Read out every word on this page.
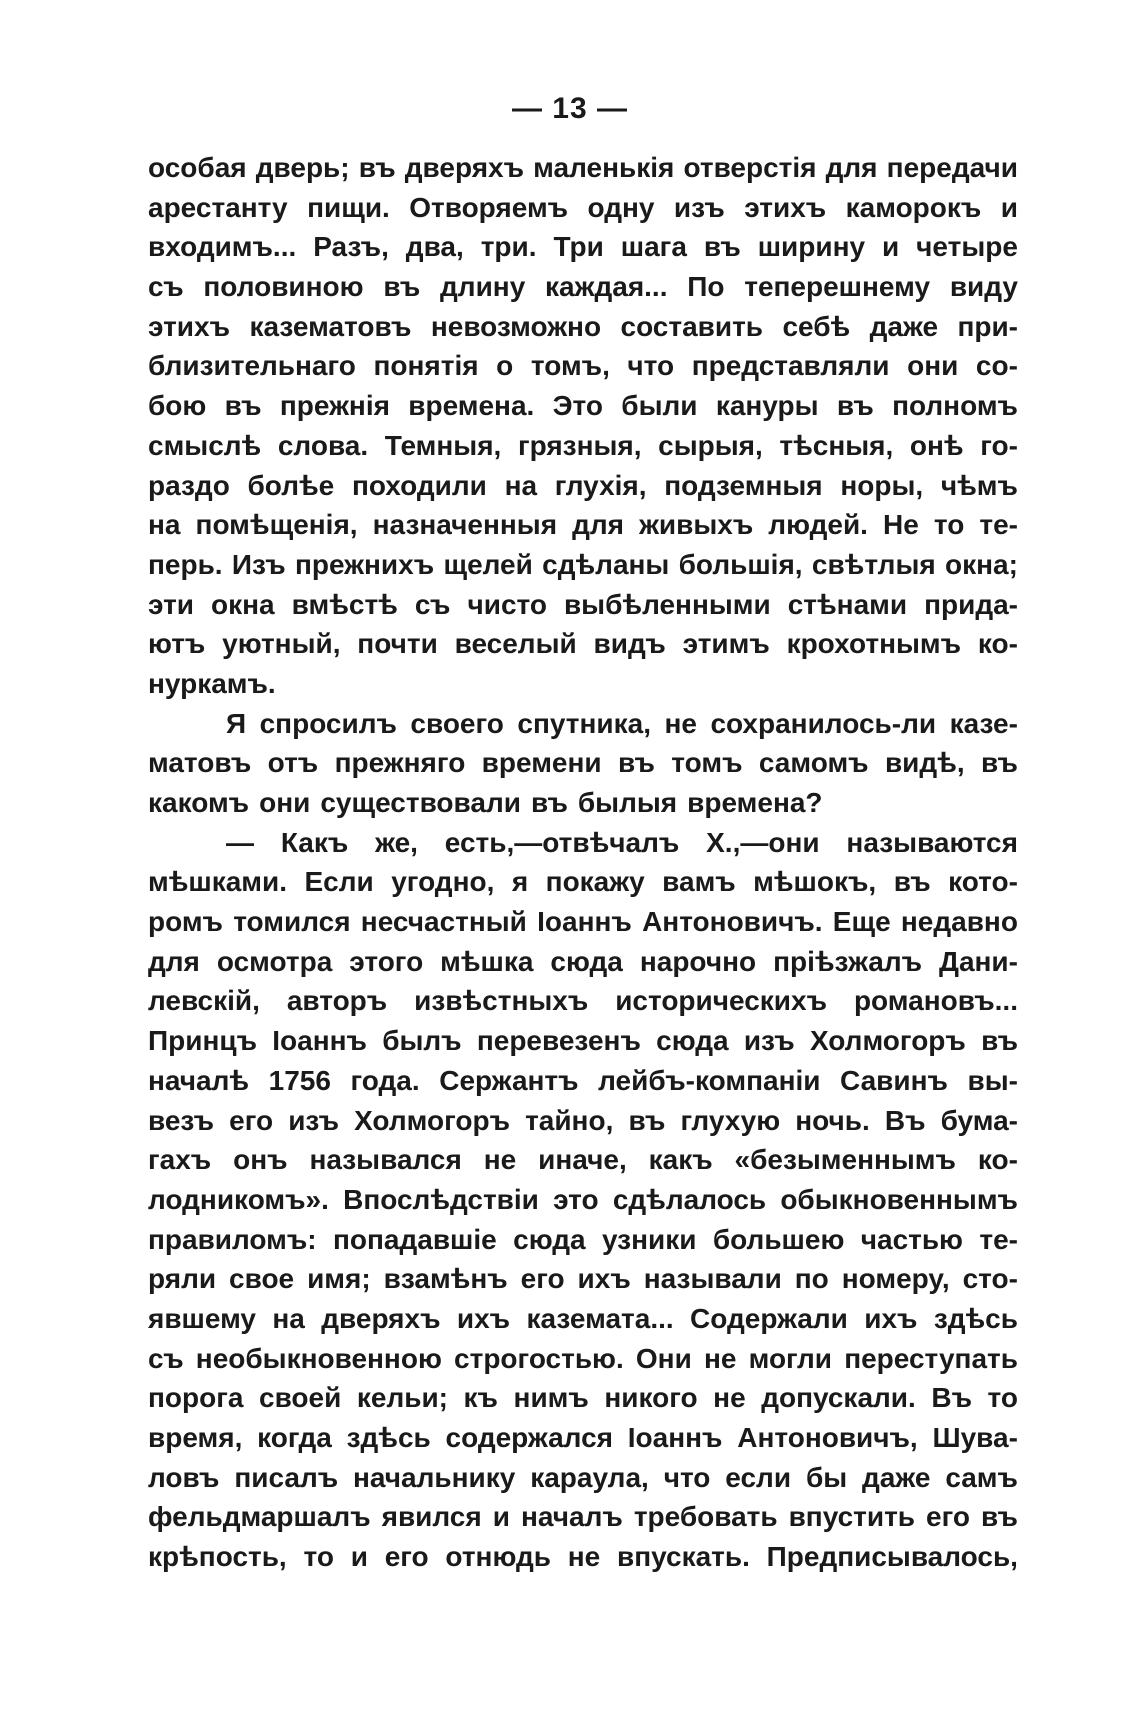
— 13 —
особая дверь; въ дверяхъ маленькія отверстія для передачи
арестанту пищи. Отворяемъ одну изъ этихъ каморокъ и
входимъ... Разъ, два, три. Три шага въ ширину и четыре
съ половиною въ длину каждая... По теперешнему виду
этихъ казематовъ невозможно составить себѣ даже при-
близительнаго понятія о томъ, что представляли они со-
бою въ прежнія времена. Это были кануры въ полномъ
смыслѣ слова. Темныя, грязныя, сырыя, тѣсныя, онѣ го-
раздо болѣе походили на глухія, подземныя норы, чѣмъ
на помѣщенія, назначенныя для живыхъ людей. Не то те-
перь. Изъ прежнихъ щелей сдѣланы большія, свѣтлыя окна;
эти окна вмѣстѣ съ чисто выбѣленными стѣнами прида-
ютъ уютный, почти веселый видъ этимъ крохотнымъ ко-
нуркамъ.
Я спросилъ своего спутника, не сохранилось-ли казе-
матовъ отъ прежняго времени въ томъ самомъ видѣ, въ
какомъ они существовали въ былыя времена?
— Какъ же, есть,—отвѣчалъ Х.,—они называются
мѣшками. Если угодно, я покажу вамъ мѣшокъ, въ кото-
ромъ томился несчастный Іоаннъ Антоновичъ. Еще недавно
для осмотра этого мѣшка сюда нарочно пріѣзжалъ Дани-
левскій, авторъ извѣстныхъ историческихъ романовъ...
Принцъ Іоаннъ былъ перевезенъ сюда изъ Холмогоръ въ
началѣ 1756 года. Сержантъ лейбъ-компаніи Савинъ вы-
везъ его изъ Холмогоръ тайно, въ глухую ночь. Въ бума-
гахъ онъ назывался не иначе, какъ «безыменнымъ ко-
лодникомъ». Впослѣдствіи это сдѣлалось обыкновеннымъ
правиломъ: попадавшіе сюда узники большею частью те-
ряли свое имя; взамѣнъ его ихъ называли по номеру, сто-
явшему на дверяхъ ихъ каземата... Содержали ихъ здѣсь
съ необыкновенною строгостью. Они не могли переступать
порога своей кельи; къ нимъ никого не допускали. Въ то
время, когда здѣсь содержался Іоаннъ Антоновичъ, Шува-
ловъ писалъ начальнику караула, что если бы даже самъ
фельдмаршалъ явился и началъ требовать впустить его въ
крѣпость, то и его отнюдь не впускать. Предписывалось,
